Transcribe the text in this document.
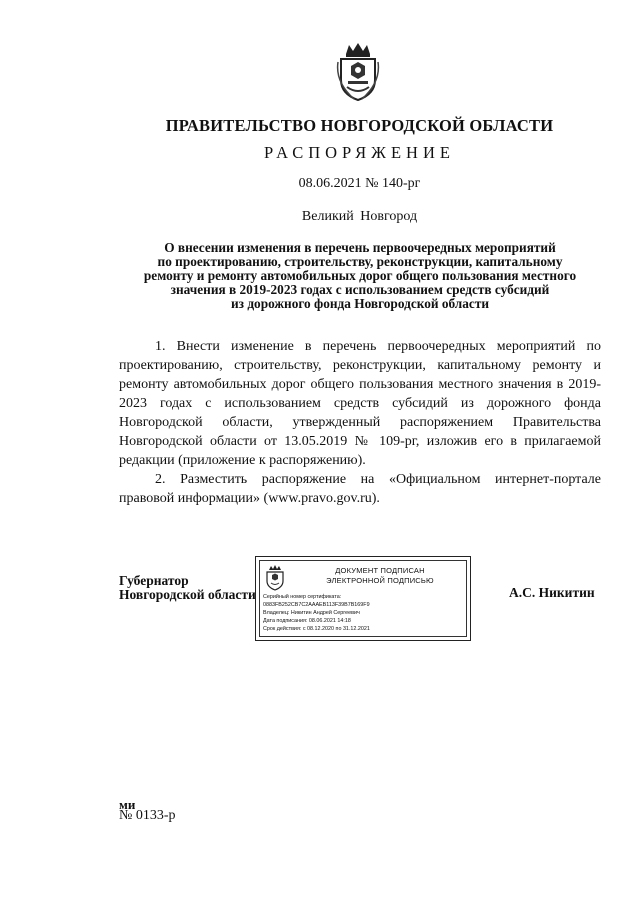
ПРАВИТЕЛЬСТВО НОВГОРОДСКОЙ ОБЛАСТИ
РАСПОРЯЖЕНИЕ
08.06.2021 № 140-рг
Великий Новгород
О внесении изменения в перечень первоочередных мероприятий
по проектированию, строительству, реконструкции, капитальному
ремонту и ремонту автомобильных дорог общего пользования местного
значения в 2019-2023 годах с использованием средств субсидий
из дорожного фонда Новгородской области

1. Внести изменение в перечень первоочередных мероприятий по проектированию, строительству, реконструкции, капитальному ремонту и ремонту автомобильных дорог общего пользования местного значения в 2019-2023 годах с использованием средств субсидий из дорожного фонда Новгородской области, утвержденный распоряжением Правительства Новгородской области от 13.05.2019 № 109-рг, изложив его в прилагаемой редакции (приложение к распоряжению).

2. Разместить распоряжение на «Официальном интернет-портале правовой информации» (www.pravo.gov.ru).

Губернатор
Новгородской области
ДОКУМЕНТ ПОДПИСАН
ЭЛЕКТРОННОЙ ПОДПИСЬЮ
Серийный номер сертификата:
0883FB252CB7C2AAAEB113F39B7B169F9
Владелец: Никитин Андрей Сергеевич
Дата подписания: 08.06.2021 14:18
Срок действия: с 08.12.2020 по 31.12.2021
А.С. Никитин
ми
№ 0133-р
